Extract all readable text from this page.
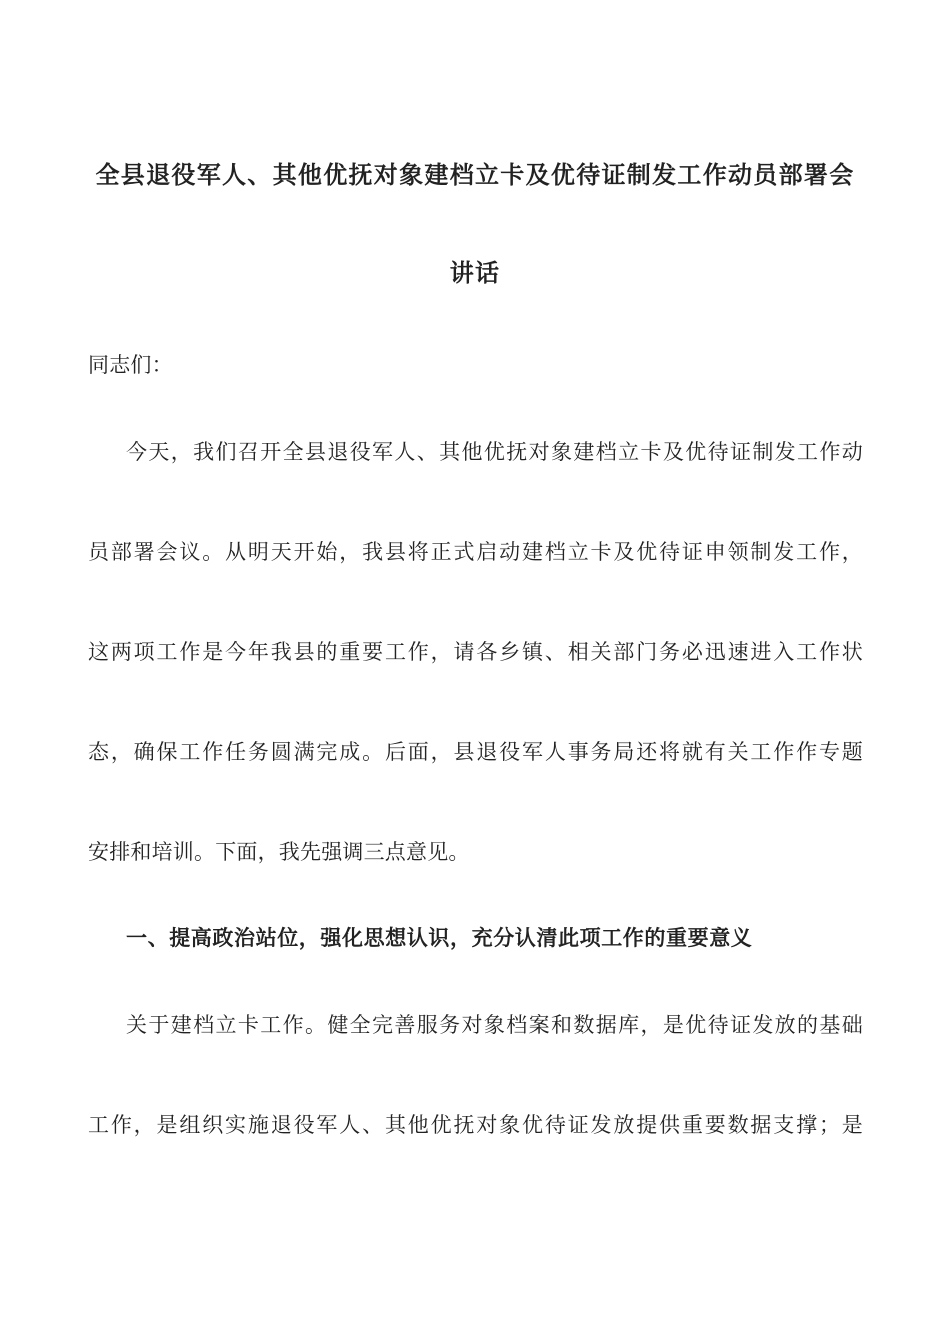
全县退役军人、其他优抚对象建档立卡及优待证制发工作动员部署会
讲话
同志们：
今天，我们召开全县退役军人、其他优抚对象建档立卡及优待证制发工作动
员部署会议。从明天开始，我县将正式启动建档立卡及优待证申领制发工作，
这两项工作是今年我县的重要工作，请各乡镇、相关部门务必迅速进入工作状
态，确保工作任务圆满完成。后面，县退役军人事务局还将就有关工作作专题
安排和培训。下面，我先强调三点意见。
一、提高政治站位，强化思想认识，充分认清此项工作的重要意义
关于建档立卡工作。健全完善服务对象档案和数据库，是优待证发放的基础
工作，是组织实施退役军人、其他优抚对象优待证发放提供重要数据支撑；是
